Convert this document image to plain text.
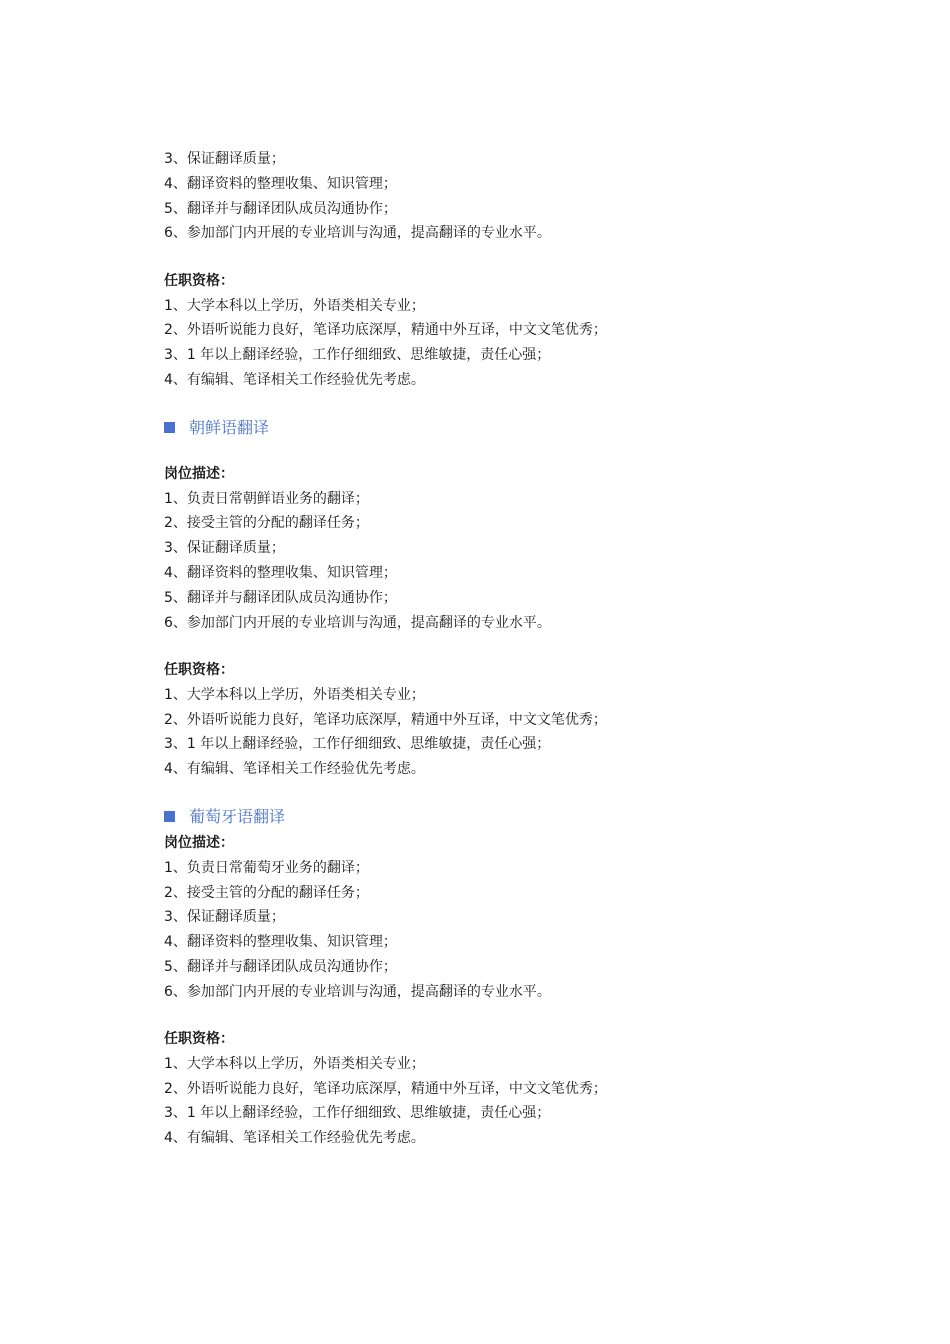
3、保证翻译质量；
4、翻译资料的整理收集、知识管理；
5、翻译并与翻译团队成员沟通协作；
6、参加部门内开展的专业培训与沟通，提高翻译的专业水平。
任职资格：
1、大学本科以上学历，外语类相关专业；
2、外语听说能力良好，笔译功底深厚，精通中外互译，中文文笔优秀；
3、1 年以上翻译经验，工作仔细细致、思维敏捷，责任心强；
4、有编辑、笔译相关工作经验优先考虑。
朝鲜语翻译
岗位描述：
1、负责日常朝鲜语业务的翻译；
2、接受主管的分配的翻译任务；
3、保证翻译质量；
4、翻译资料的整理收集、知识管理；
5、翻译并与翻译团队成员沟通协作；
6、参加部门内开展的专业培训与沟通，提高翻译的专业水平。
任职资格：
1、大学本科以上学历，外语类相关专业；
2、外语听说能力良好，笔译功底深厚，精通中外互译，中文文笔优秀；
3、1 年以上翻译经验，工作仔细细致、思维敏捷，责任心强；
4、有编辑、笔译相关工作经验优先考虑。
葡萄牙语翻译
岗位描述：
1、负责日常葡萄牙业务的翻译；
2、接受主管的分配的翻译任务；
3、保证翻译质量；
4、翻译资料的整理收集、知识管理；
5、翻译并与翻译团队成员沟通协作；
6、参加部门内开展的专业培训与沟通，提高翻译的专业水平。
任职资格：
1、大学本科以上学历，外语类相关专业；
2、外语听说能力良好，笔译功底深厚，精通中外互译，中文文笔优秀；
3、1 年以上翻译经验，工作仔细细致、思维敏捷，责任心强；
4、有编辑、笔译相关工作经验优先考虑。
